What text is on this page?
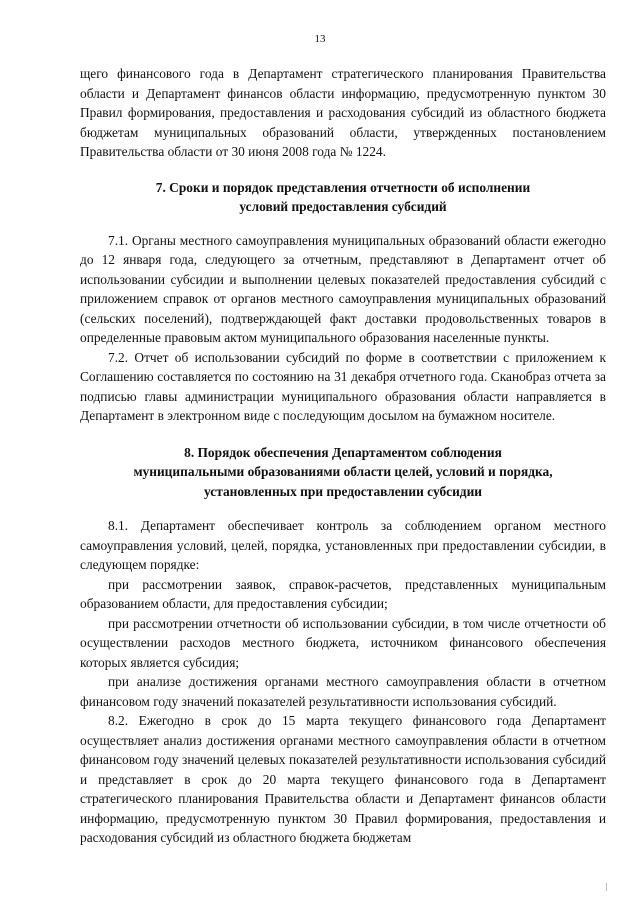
13

щего финансового года в Департамент стратегического планирования Правительства области и Департамент финансов области информацию, предусмотренную пунктом 30 Правил формирования, предоставления и расходования субсидий из областного бюджета бюджетам муниципальных образований области, утвержденных постановлением Правительства области от 30 июня 2008 года № 1224.

7. Сроки и порядок представления отчетности об исполнении
условий предоставления субсидий

7.1. Органы местного самоуправления муниципальных образований области ежегодно до 12 января года, следующего за отчетным, представляют в Департамент отчет об использовании субсидии и выполнении целевых показателей предоставления субсидий с приложением справок от органов местного самоуправления муниципальных образований (сельских поселений), подтверждающей факт доставки продовольственных товаров в определенные правовым актом муниципального образования населенные пункты.

7.2. Отчет об использовании субсидий по форме в соответствии с приложением к Соглашению составляется по состоянию на 31 декабря отчетного года. Сканобраз отчета за подписью главы администрации муниципального образования области направляется в Департамент в электронном виде с последующим досылом на бумажном носителе.

8. Порядок обеспечения Департаментом соблюдения
муниципальными образованиями области целей, условий и порядка,
установленных при предоставлении субсидии

8.1. Департамент обеспечивает контроль за соблюдением органом местного самоуправления условий, целей, порядка, установленных при предоставлении субсидии, в следующем порядке:

при рассмотрении заявок, справок-расчетов, представленных муниципальным образованием области, для предоставления субсидии;

при рассмотрении отчетности об использовании субсидии, в том числе отчетности об осуществлении расходов местного бюджета, источником финансового обеспечения которых является субсидия;

при анализе достижения органами местного самоуправления области в отчетном финансовом году значений показателей результативности использования субсидий.

8.2. Ежегодно в срок до 15 марта текущего финансового года Департамент осуществляет анализ достижения органами местного самоуправления области в отчетном финансовом году значений целевых показателей результативности использования субсидий и представляет в срок до 20 марта текущего финансового года в Департамент стратегического планирования Правительства области и Департамент финансов области информацию, предусмотренную пунктом 30 Правил формирования, предоставления и расходования субсидий из областного бюджета бюджетам
